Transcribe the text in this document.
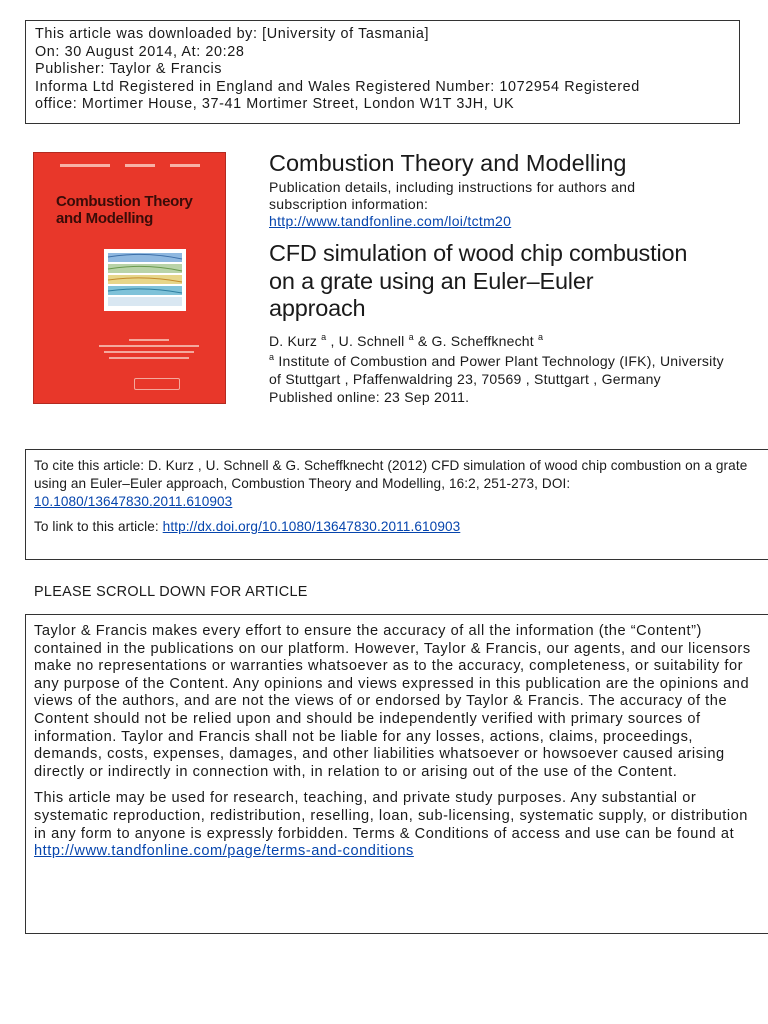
This article was downloaded by: [University of Tasmania]
On: 30 August 2014, At: 20:28
Publisher: Taylor & Francis
Informa Ltd Registered in England and Wales Registered Number: 1072954 Registered
office: Mortimer House, 37-41 Mortimer Street, London W1T 3JH, UK
Combustion Theory and Modelling
Combustion Theory and Modelling
Publication details, including instructions for authors and subscription information:
http://www.tandfonline.com/loi/tctm20
CFD simulation of wood chip combustion on a grate using an Euler–Euler approach
D. Kurz $^a$ , U. Schnell $^a$ & G. Scheffknecht $^a$
$^a$ Institute of Combustion and Power Plant Technology (IFK), University of Stuttgart , Pfaffenwaldring 23, 70569 , Stuttgart , Germany
Published online: 23 Sep 2011.
To cite this article: D. Kurz , U. Schnell & G. Scheffknecht (2012) CFD simulation of wood chip combustion on a grate using an Euler–Euler approach, Combustion Theory and Modelling, 16:2, 251-273, DOI: 10.1080/13647830.2011.610903
To link to this article: http://dx.doi.org/10.1080/13647830.2011.610903
PLEASE SCROLL DOWN FOR ARTICLE

Taylor & Francis makes every effort to ensure the accuracy of all the information (the “Content”) contained in the publications on our platform. However, Taylor & Francis, our agents, and our licensors make no representations or warranties whatsoever as to the accuracy, completeness, or suitability for any purpose of the Content. Any opinions and views expressed in this publication are the opinions and views of the authors, and are not the views of or endorsed by Taylor & Francis. The accuracy of the Content should not be relied upon and should be independently verified with primary sources of information. Taylor and Francis shall not be liable for any losses, actions, claims, proceedings, demands, costs, expenses, damages, and other liabilities whatsoever or howsoever caused arising directly or indirectly in connection with, in relation to or arising out of the use of the Content.

This article may be used for research, teaching, and private study purposes. Any substantial or systematic reproduction, redistribution, reselling, loan, sub-licensing, systematic supply, or distribution in any form to anyone is expressly forbidden. Terms & Conditions of access and use can be found at http://www.tandfonline.com/page/terms-and-conditions
